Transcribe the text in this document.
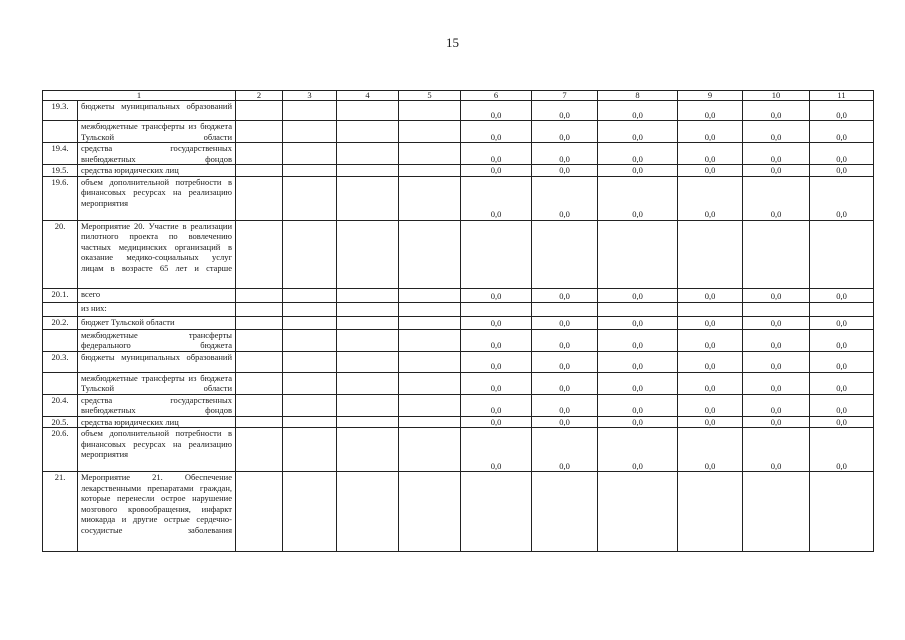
15
1		2	3	4	5	6	7	8	9	10	11
19.3.	бюджеты муниципальных образований					0,0	0,0	0,0	0,0	0,0	0,0
	межбюджетные трансферты из бюджета Тульской области					0,0	0,0	0,0	0,0	0,0	0,0
19.4.	средства государственных внебюджетных фондов					0,0	0,0	0,0	0,0	0,0	0,0
19.5.	средства юридических лиц					0,0	0,0	0,0	0,0	0,0	0,0
19.6.	объем дополнительной потребности в финансовых ресурсах на реализацию мероприятия					0,0	0,0	0,0	0,0	0,0	0,0
20.	Мероприятие 20. Участие в реализации пилотного проекта по вовлечению частных медицинских организаций в оказание медико-социальных услуг лицам в возрасте 65 лет и старше										
20.1.	всего					0,0	0,0	0,0	0,0	0,0	0,0
	из них:										
20.2.	бюджет Тульской области					0,0	0,0	0,0	0,0	0,0	0,0
	межбюджетные трансферты федерального бюджета					0,0	0,0	0,0	0,0	0,0	0,0
20.3.	бюджеты муниципальных образований					0,0	0,0	0,0	0,0	0,0	0,0
	межбюджетные трансферты из бюджета Тульской области					0,0	0,0	0,0	0,0	0,0	0,0
20.4.	средства государственных внебюджетных фондов					0,0	0,0	0,0	0,0	0,0	0,0
20.5.	средства юридических лиц					0,0	0,0	0,0	0,0	0,0	0,0
20.6.	объем дополнительной потребности в финансовых ресурсах на реализацию мероприятия					0,0	0,0	0,0	0,0	0,0	0,0
21.	Мероприятие 21. Обеспечение лекарственными препаратами граждан, которые перенесли острое нарушение мозгового кровообращения, инфаркт миокарда и другие острые сердечно-сосудистые заболевания										
